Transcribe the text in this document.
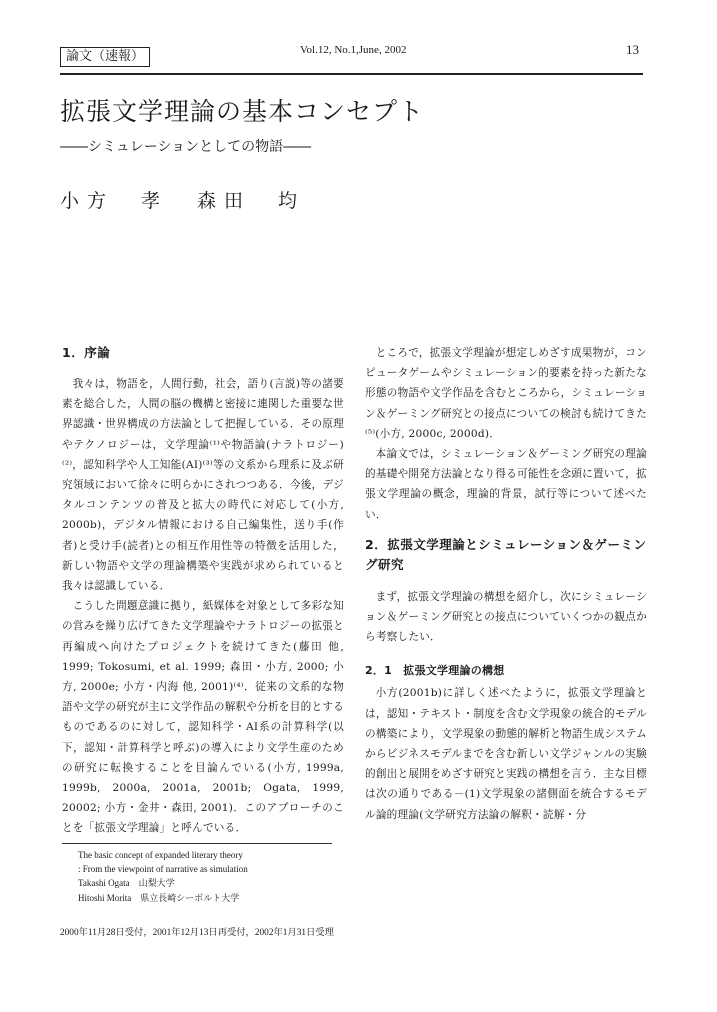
論文（速報）	Vol.12, No.1,June, 2002	13
拡張文学理論の基本コンセプト
――シミュレーションとしての物語――
小方　孝 森田　均
1．序論

我々は，物語を，人間行動，社会，語り(言説)等の諸要素を総合した，人間の脳の機構と密接に連関した重要な世界認識・世界構成の方法論として把握している．その原理やテクノロジーは，文学理論⁽¹⁾や物語論(ナラトロジー)⁽²⁾，認知科学や人工知能(AI)⁽³⁾等の文系から理系に及ぶ研究領域において徐々に明らかにされつつある．今後，デジタルコンテンツの普及と拡大の時代に対応して(小方, 2000b)，デジタル情報における自己編集性，送り手(作者)と受け手(読者)との相互作用性等の特徴を活用した，新しい物語や文学の理論構築や実践が求められていると我々は認識している．

こうした問題意識に拠り，紙媒体を対象として多彩な知の営みを繰り広げてきた文学理論やナラトロジーの拡張と再編成へ向けたプロジェクトを続けてきた(藤田 他, 1999; Tokosumi, et al. 1999; 森田・小方, 2000; 小方, 2000e; 小方・内海 他, 2001)⁽⁴⁾．従来の文系的な物語や文学の研究が主に文学作品の解釈や分析を目的とするものであるのに対して，認知科学・AI系の計算科学(以下，認知・計算科学と呼ぶ)の導入により文学生産のための研究に転換することを目論んでいる(小方, 1999a, 1999b, 2000a, 2001a, 2001b; Ogata, 1999, 20002; 小方・金井・森田, 2001)．このアプローチのことを「拡張文学理論」と呼んでいる．

ところで，拡張文学理論が想定しめざす成果物が，コンピュータゲームやシミュレーション的要素を持った新たな形態の物語や文学作品を含むところから，シミュレーション＆ゲーミング研究との接点についての検討も続けてきた⁽⁵⁾(小方, 2000c, 2000d)．

本論文では，シミュレーション＆ゲーミング研究の理論的基礎や開発方法論となり得る可能性を念頭に置いて，拡張文学理論の概念，理論的背景，試行等について述べたい．

2．拡張文学理論とシミュレーション＆ゲーミング研究

まず，拡張文学理論の構想を紹介し，次にシミュレーション＆ゲーミング研究との接点についていくつかの観点から考察したい．

2．1　拡張文学理論の構想

小方(2001b)に詳しく述べたように，拡張文学理論とは，認知・テキスト・制度を含む文学現象の統合的モデルの構築により，文学現象の動態的解析と物語生成システムからビジネスモデルまでを含む新しい文学ジャンルの実験的創出と展開をめざす研究と実践の構想を言う．主な目標は次の通りである－(1)文学現象の諸側面を統合するモデル論的理論(文学研究方法論の解釈・読解・分

The basic concept of expanded literary theory
: From the viewpoint of narrative as simulation
Takashi Ogata　山梨大学
Hitoshi Morita　県立長崎シーボルト大学
2000年11月28日受付，2001年12月13日再受付，2002年1月31日受理
